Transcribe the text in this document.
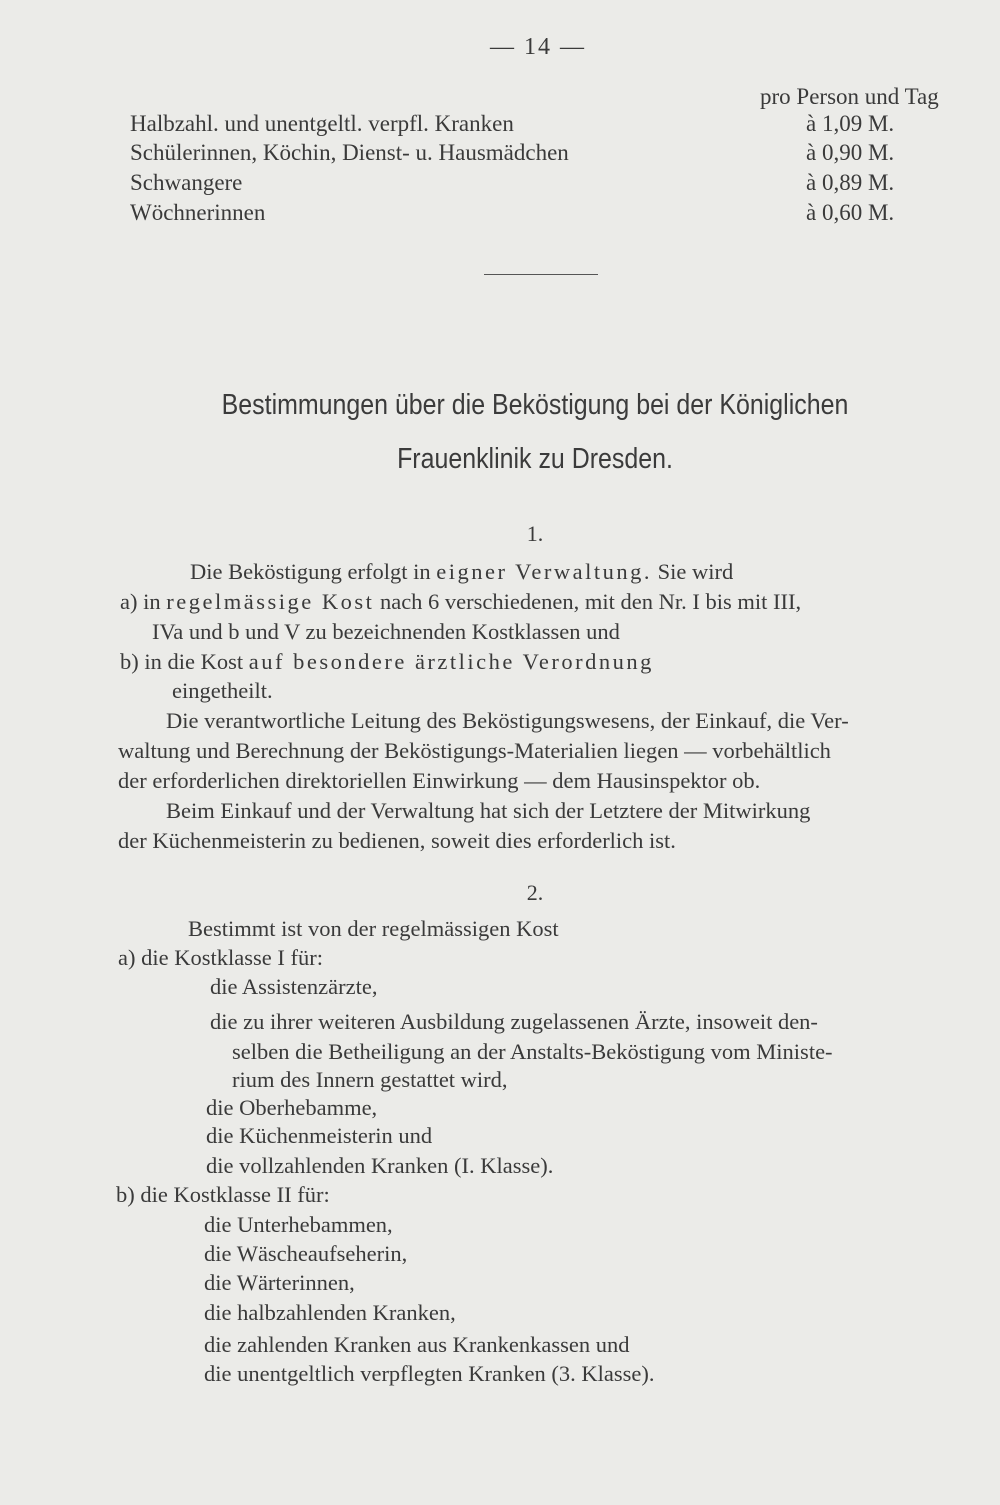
— 14 —
pro Person und Tag
Halbzahl. und unentgeltl. verpfl. Kranken	à 1,09 M.
Schülerinnen, Köchin, Dienst- u. Hausmädchen	à 0,90 M.
Schwangere	à 0,89 M.
Wöchnerinnen	à 0,60 M.
Bestimmungen über die Beköstigung bei der Königlichen
Frauenklinik zu Dresden.
1.
Die Beköstigung erfolgt in eigner Verwaltung. Sie wird
a) in regelmässige Kost nach 6 verschiedenen, mit den Nr. I bis mit III,
IVa und b und V zu bezeichnenden Kostklassen und
b) in die Kost auf besondere ärztliche Verordnung
eingetheilt.
Die verantwortliche Leitung des Beköstigungswesens, der Einkauf, die Ver-
waltung und Berechnung der Beköstigungs-Materialien liegen — vorbehältlich
der erforderlichen direktoriellen Einwirkung — dem Hausinspektor ob.
Beim Einkauf und der Verwaltung hat sich der Letztere der Mitwirkung
der Küchenmeisterin zu bedienen, soweit dies erforderlich ist.
2.
Bestimmt ist von der regelmässigen Kost
a) die Kostklasse I für:
die Assistenzärzte,
die zu ihrer weiteren Ausbildung zugelassenen Ärzte, insoweit den-
selben die Betheiligung an der Anstalts-Beköstigung vom Ministe-
rium des Innern gestattet wird,
die Oberhebamme,
die Küchenmeisterin und
die vollzahlenden Kranken (I. Klasse).
b) die Kostklasse II für:
die Unterhebammen,
die Wäscheaufseherin,
die Wärterinnen,
die halbzahlenden Kranken,
die zahlenden Kranken aus Krankenkassen und
die unentgeltlich verpflegten Kranken (3. Klasse).
